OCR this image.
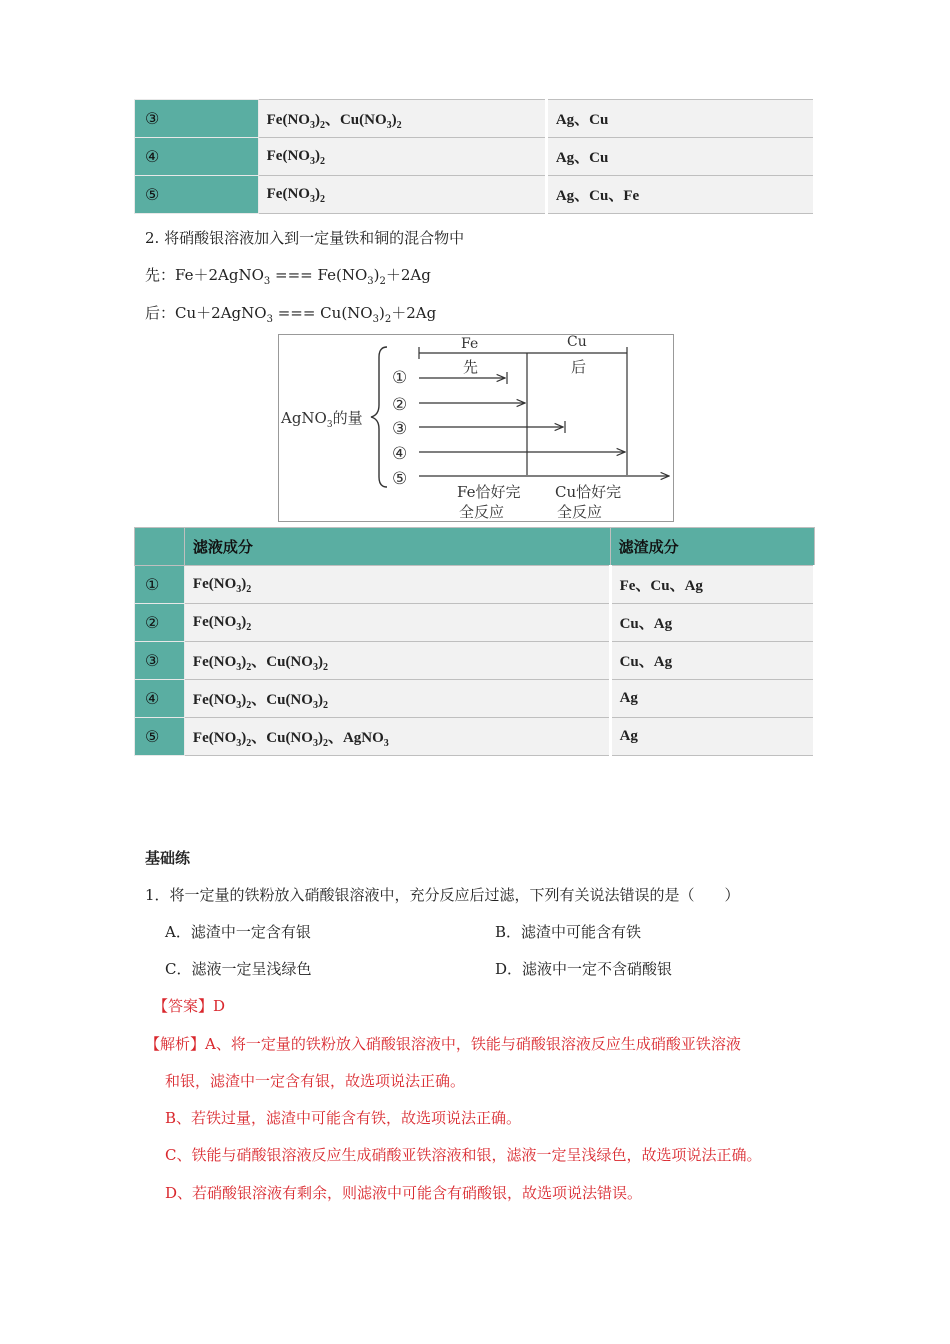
③	$Fe(NO_3)_2$、$Cu(NO_3)_2$	Ag、Cu
④	$Fe(NO_3)_2$	Ag、Cu
⑤	$Fe(NO_3)_2$	Ag、Cu、Fe
2. 将硝酸银溶液加入到一定量铁和铜的混合物中
先：Fe＋2AgNO$_3$ === $Fe(NO_3)_2+2Ag$
后：Cu＋2AgNO$_3$ === $Cu(NO_3)_2+2Ag$
AgNO$_3$的量
Fe
先
Cu
后
①
②
③
④
⑤
Fe恰好完
全反应
Cu恰好完
全反应
	滤液成分	滤渣成分
①	$Fe(NO_3)_2$	Fe、Cu、Ag
②	$Fe(NO_3)_2$	Cu、Ag
③	$Fe(NO_3)_2$、$Cu(NO_3)_2$	Cu、Ag
④	$Fe(NO_3)_2$、$Cu(NO_3)_2$	Ag
⑤	$Fe(NO_3)_2$、$Cu(NO_3)_2$、AgNO$_3$	Ag
基础练
1．将一定量的铁粉放入硝酸银溶液中，充分反应后过滤，下列有关说法错误的是（　　）
A．滤渣中一定含有银	B．滤渣中可能含有铁
C．滤液一定呈浅绿色	D．滤液中一定不含硝酸银
【答案】D
【解析】A、将一定量的铁粉放入硝酸银溶液中，铁能与硝酸银溶液反应生成硝酸亚铁溶液
和银，滤渣中一定含有银，故选项说法正确。
B、若铁过量，滤渣中可能含有铁，故选项说法正确。
C、铁能与硝酸银溶液反应生成硝酸亚铁溶液和银，滤液一定呈浅绿色，故选项说法正确。
D、若硝酸银溶液有剩余，则滤液中可能含有硝酸银，故选项说法错误。
